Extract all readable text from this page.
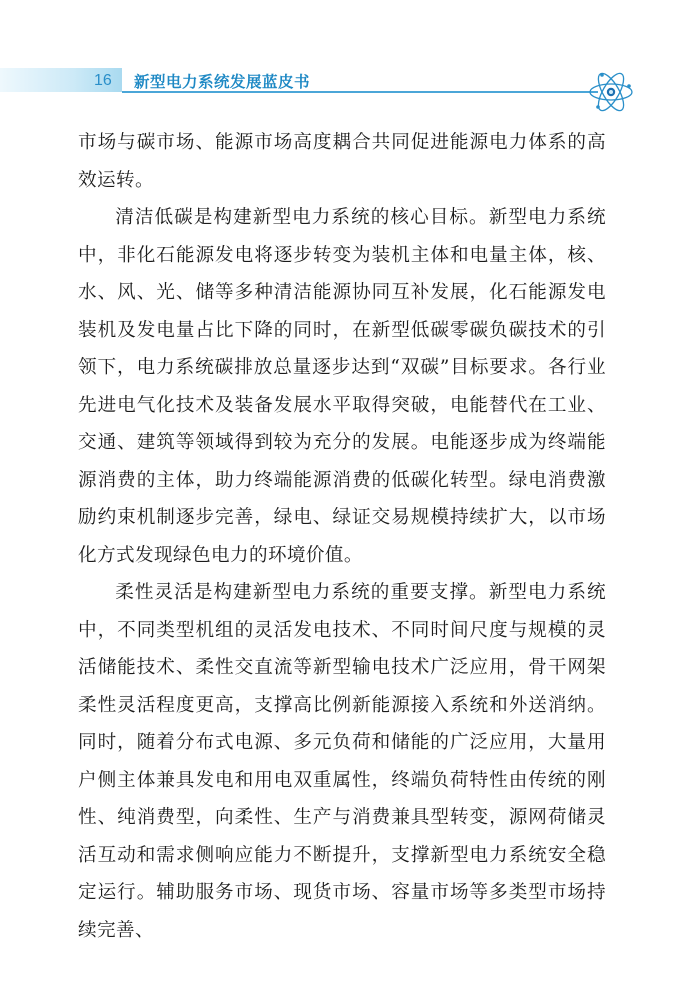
16 新型电力系统发展蓝皮书

市场与碳市场、能源市场高度耦合共同促进能源电力体系的高效运转。

清洁低碳是构建新型电力系统的核心目标。新型电力系统中，非化石能源发电将逐步转变为装机主体和电量主体，核、水、风、光、储等多种清洁能源协同互补发展，化石能源发电装机及发电量占比下降的同时，在新型低碳零碳负碳技术的引领下，电力系统碳排放总量逐步达到“双碳”目标要求。各行业先进电气化技术及装备发展水平取得突破，电能替代在工业、交通、建筑等领域得到较为充分的发展。电能逐步成为终端能源消费的主体，助力终端能源消费的低碳化转型。绿电消费激励约束机制逐步完善，绿电、绿证交易规模持续扩大，以市场化方式发现绿色电力的环境价值。

柔性灵活是构建新型电力系统的重要支撑。新型电力系统中，不同类型机组的灵活发电技术、不同时间尺度与规模的灵活储能技术、柔性交直流等新型输电技术广泛应用，骨干网架柔性灵活程度更高，支撑高比例新能源接入系统和外送消纳。同时，随着分布式电源、多元负荷和储能的广泛应用，大量用户侧主体兼具发电和用电双重属性，终端负荷特性由传统的刚性、纯消费型，向柔性、生产与消费兼具型转变，源网荷储灵活互动和需求侧响应能力不断提升，支撑新型电力系统安全稳定运行。辅助服务市场、现货市场、容量市场等多类型市场持续完善、
